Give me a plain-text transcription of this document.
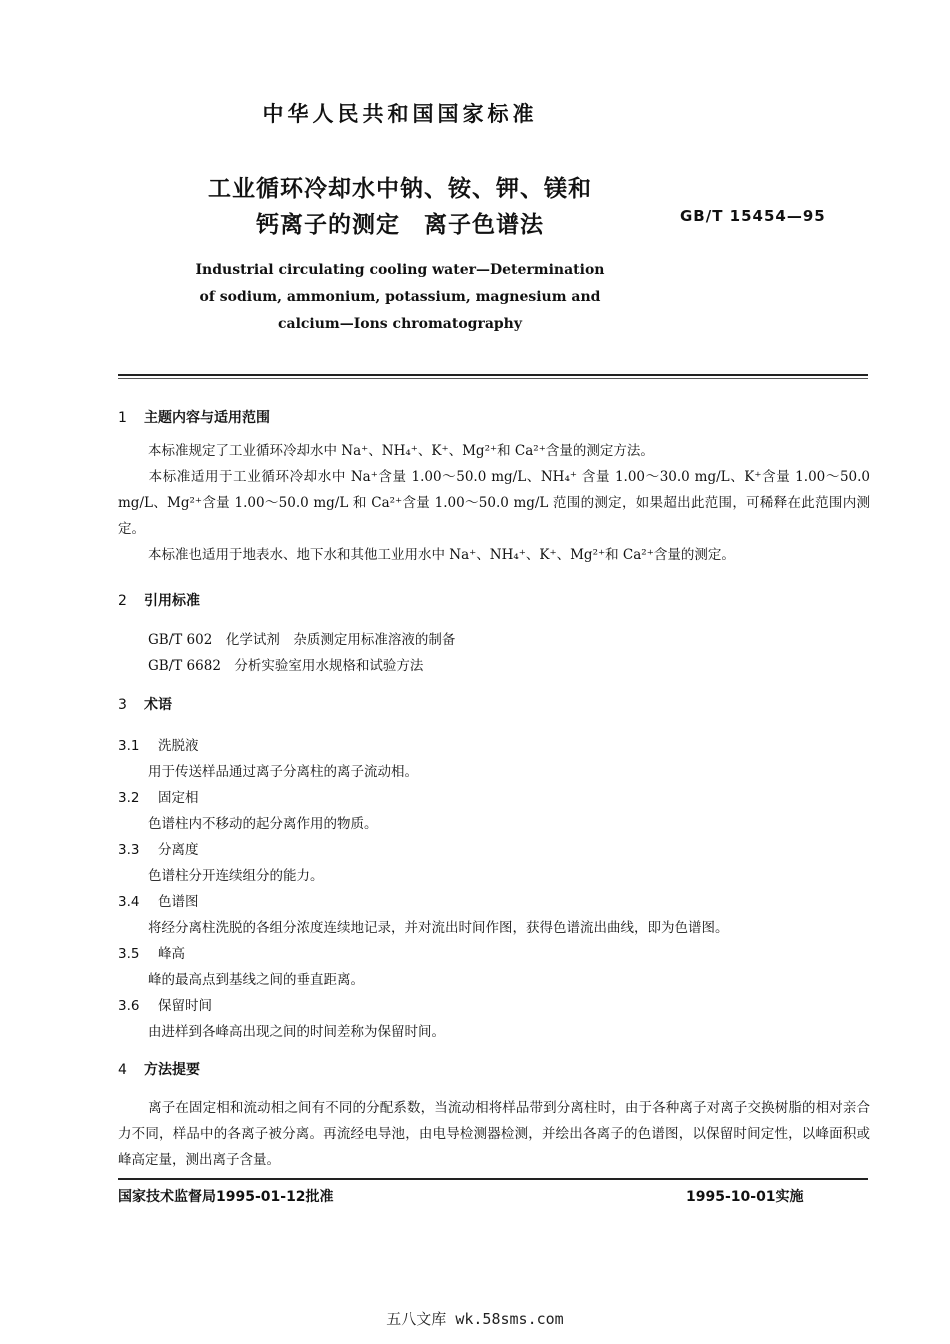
中华人民共和国国家标准
工业循环冷却水中钠、铵、钾、镁和
钙离子的测定　离子色谱法	GB/T 15454—95
Industrial circulating cooling water—Determination
of sodium, ammonium, potassium, magnesium and
calcium—Ions chromatography
1 主题内容与适用范围
本标准规定了工业循环冷却水中 Na⁺、NH₄⁺、K⁺、Mg²⁺和 Ca²⁺含量的测定方法。
本标准适用于工业循环冷却水中 Na⁺含量 1.00～50.0 mg/L、NH₄⁺ 含量 1.00～30.0 mg/L、K⁺含量 1.00～50.0 mg/L、Mg²⁺含量 1.00～50.0 mg/L 和 Ca²⁺含量 1.00～50.0 mg/L 范围的测定，如果超出此范围，可稀释在此范围内测定。
本标准也适用于地表水、地下水和其他工业用水中 Na⁺、NH₄⁺、K⁺、Mg²⁺和 Ca²⁺含量的测定。
2 引用标准
GB/T 602　化学试剂　杂质测定用标准溶液的制备
GB/T 6682　分析实验室用水规格和试验方法
3 术语
3.1 洗脱液
用于传送样品通过离子分离柱的离子流动相。
3.2 固定相
色谱柱内不移动的起分离作用的物质。
3.3 分离度
色谱柱分开连续组分的能力。
3.4 色谱图
将经分离柱洗脱的各组分浓度连续地记录，并对流出时间作图，获得色谱流出曲线，即为色谱图。
3.5 峰高
峰的最高点到基线之间的垂直距离。
3.6 保留时间
由进样到各峰高出现之间的时间差称为保留时间。
4 方法提要
离子在固定相和流动相之间有不同的分配系数，当流动相将样品带到分离柱时，由于各种离子对离子交换树脂的相对亲合力不同，样品中的各离子被分离。再流经电导池，由电导检测器检测，并绘出各离子的色谱图，以保留时间定性，以峰面积或峰高定量，测出离子含量。
国家技术监督局1995-01-12批准	1995-10-01实施
五八文库 wk.58sms.com
